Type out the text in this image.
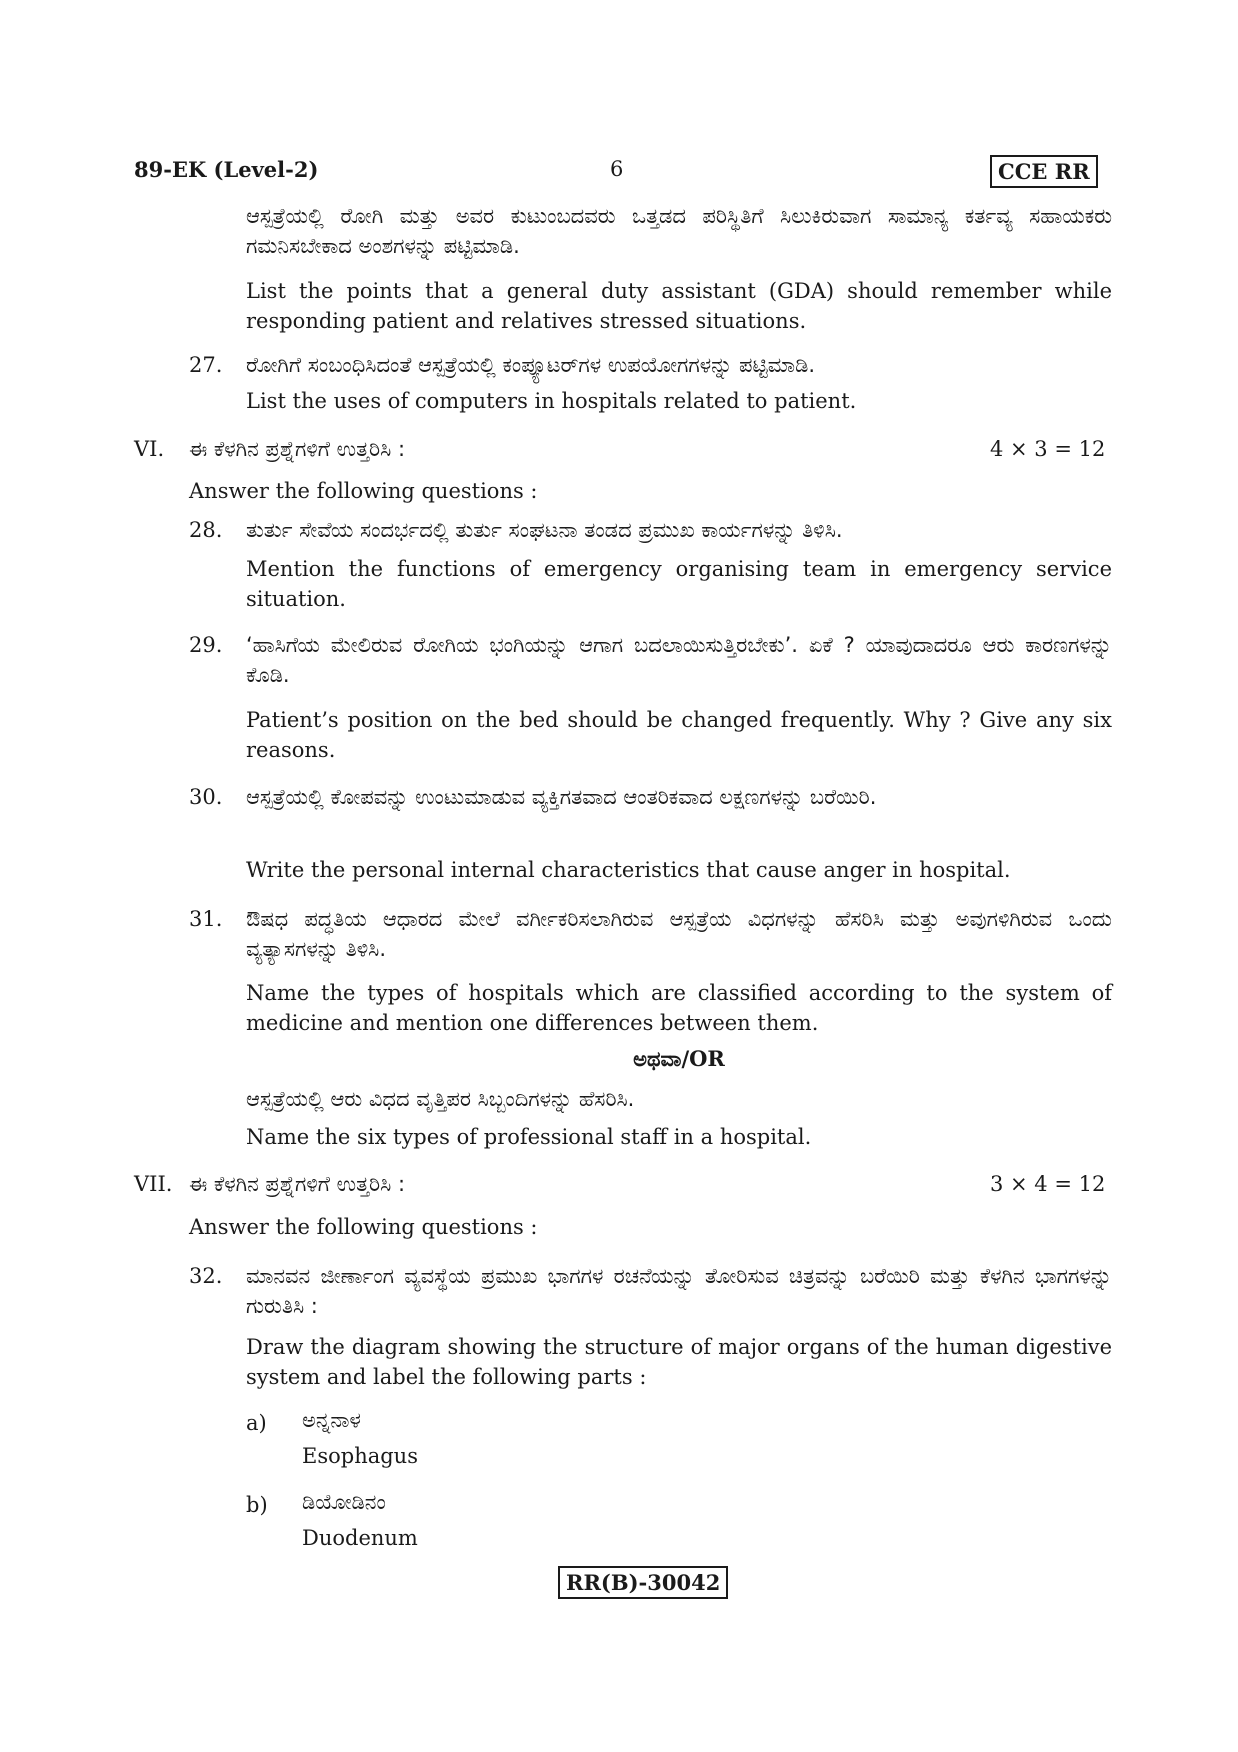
89-EK (Level-2)	6	CCE RR
ಆಸ್ಪತ್ರೆಯಲ್ಲಿ ರೋಗಿ ಮತ್ತು ಅವರ ಕುಟುಂಬದವರು ಒತ್ತಡದ ಪರಿಸ್ಥಿತಿಗೆ ಸಿಲುಕಿರುವಾಗ ಸಾಮಾನ್ಯ ಕರ್ತವ್ಯ ಸಹಾಯಕರು ಗಮನಿಸಬೇಕಾದ ಅಂಶಗಳನ್ನು ಪಟ್ಟಿಮಾಡಿ.
List the points that a general duty assistant (GDA) should remember while responding patient and relatives stressed situations.
27. ರೋಗಿಗೆ ಸಂಬಂಧಿಸಿದಂತೆ ಆಸ್ಪತ್ರೆಯಲ್ಲಿ ಕಂಪ್ಯೂಟರ್‌ಗಳ ಉಪಯೋಗಗಳನ್ನು ಪಟ್ಟಿಮಾಡಿ.
List the uses of computers in hospitals related to patient.
VI. ಈ ಕೆಳಗಿನ ಪ್ರಶ್ನೆಗಳಿಗೆ ಉತ್ತರಿಸಿ :	4 × 3 = 12
Answer the following questions :
28. ತುರ್ತು ಸೇವೆಯ ಸಂದರ್ಭದಲ್ಲಿ ತುರ್ತು ಸಂಘಟನಾ ತಂಡದ ಪ್ರಮುಖ ಕಾರ್ಯಗಳನ್ನು ತಿಳಿಸಿ.
Mention the functions of emergency organising team in emergency service situation.
29. ‘ಹಾಸಿಗೆಯ ಮೇಲಿರುವ ರೋಗಿಯ ಭಂಗಿಯನ್ನು ಆಗಾಗ ಬದಲಾಯಿಸುತ್ತಿರಬೇಕು’. ಏಕೆ ? ಯಾವುದಾದರೂ ಆರು ಕಾರಣಗಳನ್ನು ಕೊಡಿ.
Patient’s position on the bed should be changed frequently. Why ? Give any six reasons.
30. ಆಸ್ಪತ್ರೆಯಲ್ಲಿ ಕೋಪವನ್ನು ಉಂಟುಮಾಡುವ ವ್ಯಕ್ತಿಗತವಾದ ಆಂತರಿಕವಾದ ಲಕ್ಷಣಗಳನ್ನು ಬರೆಯಿರಿ.
Write the personal internal characteristics that cause anger in hospital.
31. ಔಷಧ ಪದ್ಧತಿಯ ಆಧಾರದ ಮೇಲೆ ವರ್ಗೀಕರಿಸಲಾಗಿರುವ ಆಸ್ಪತ್ರೆಯ ವಿಧಗಳನ್ನು ಹೆಸರಿಸಿ ಮತ್ತು ಅವುಗಳಿಗಿರುವ ಒಂದು ವ್ಯತ್ಯಾಸಗಳನ್ನು ತಿಳಿಸಿ.
Name the types of hospitals which are classified according to the system of medicine and mention one differences between them.
ಅಥವಾ/OR
ಆಸ್ಪತ್ರೆಯಲ್ಲಿ ಆರು ವಿಧದ ವೃತ್ತಿಪರ ಸಿಬ್ಬಂದಿಗಳನ್ನು ಹೆಸರಿಸಿ.
Name the six types of professional staff in a hospital.
VII. ಈ ಕೆಳಗಿನ ಪ್ರಶ್ನೆಗಳಿಗೆ ಉತ್ತರಿಸಿ :	3 × 4 = 12
Answer the following questions :
32. ಮಾನವನ ಜೀರ್ಣಾಂಗ ವ್ಯವಸ್ಥೆಯ ಪ್ರಮುಖ ಭಾಗಗಳ ರಚನೆಯನ್ನು ತೋರಿಸುವ ಚಿತ್ರವನ್ನು ಬರೆಯಿರಿ ಮತ್ತು ಕೆಳಗಿನ ಭಾಗಗಳನ್ನು ಗುರುತಿಸಿ :
Draw the diagram showing the structure of major organs of the human digestive system and label the following parts :
a) ಅನ್ನನಾಳ
Esophagus
b) ಡಿಯೋಡಿನಂ
Duodenum
RR(B)-30042
